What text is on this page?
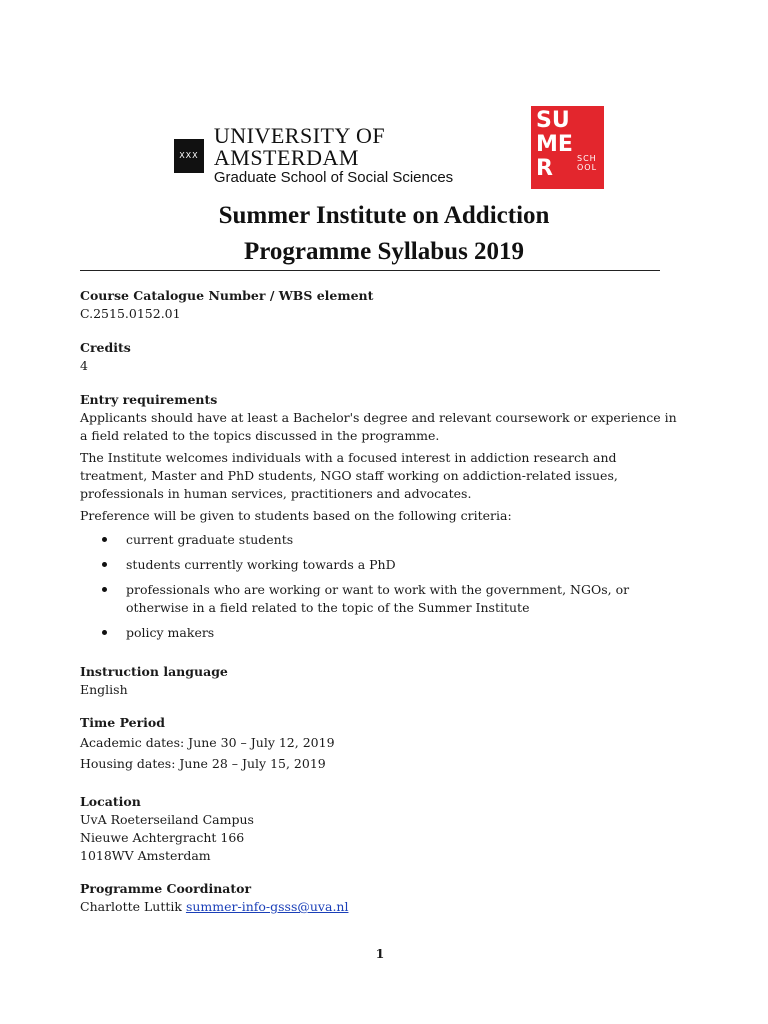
XXX
UNIVERSITY OF AMSTERDAM
Graduate School of Social Sciences
SU
ME
R	SCH OOL
Summer Institute on Addiction
Programme Syllabus 2019
Course Catalogue Number / WBS element
C.2515.0152.01
Credits
4
Entry requirements

Applicants should have at least a Bachelor's degree and relevant coursework or experience in a field related to the topics discussed in the programme.

The Institute welcomes individuals with a focused interest in addiction research and treatment, Master and PhD students, NGO staff working on addiction-related issues, professionals in human services, practitioners and advocates.

Preference will be given to students based on the following criteria:

current graduate students
students currently working towards a PhD
professionals who are working or want to work with the government, NGOs, or otherwise in a field related to the topic of the Summer Institute
policy makers
Instruction language
English
Time Period
Academic dates: June 30 – July 12, 2019
Housing dates: June 28 – July 15, 2019
Location
UvA Roeterseiland Campus
Nieuwe Achtergracht 166
1018WV Amsterdam
Programme Coordinator
Charlotte Luttik summer-info-gsss@uva.nl
1
